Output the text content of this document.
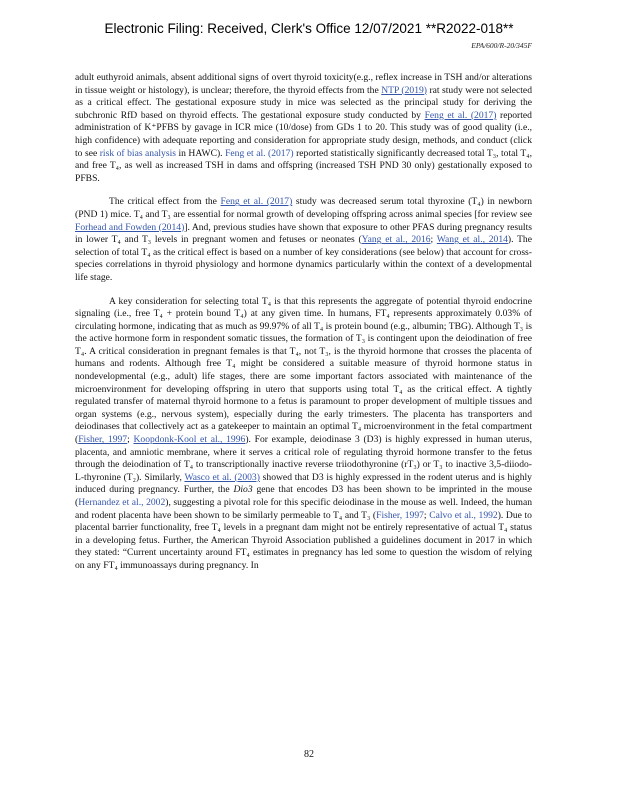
Electronic Filing: Received, Clerk's Office 12/07/2021 **R2022-018**
EPA/600/R-20/345F

adult euthyroid animals, absent additional signs of overt thyroid toxicity(e.g., reflex increase in TSH and/or alterations in tissue weight or histology), is unclear; therefore, the thyroid effects from the NTP (2019) rat study were not selected as a critical effect. The gestational exposure study in mice was selected as the principal study for deriving the subchronic RfD based on thyroid effects. The gestational exposure study conducted by Feng et al. (2017) reported administration of K⁺PFBS by gavage in ICR mice (10/dose) from GDs 1 to 20. This study was of good quality (i.e., high confidence) with adequate reporting and consideration for appropriate study design, methods, and conduct (click to see risk of bias analysis in HAWC). Feng et al. (2017) reported statistically significantly decreased total T₃, total T₄, and free T₄, as well as increased TSH in dams and offspring (increased TSH PND 30 only) gestationally exposed to PFBS.

The critical effect from the Feng et al. (2017) study was decreased serum total thyroxine (T₄) in newborn (PND 1) mice. T₄ and T₃ are essential for normal growth of developing offspring across animal species [for review see Forhead and Fowden (2014)]. And, previous studies have shown that exposure to other PFAS during pregnancy results in lower T₄ and T₃ levels in pregnant women and fetuses or neonates (Yang et al., 2016; Wang et al., 2014). The selection of total T₄ as the critical effect is based on a number of key considerations (see below) that account for cross-species correlations in thyroid physiology and hormone dynamics particularly within the context of a developmental life stage.

A key consideration for selecting total T₄ is that this represents the aggregate of potential thyroid endocrine signaling (i.e., free T₄ + protein bound T₄) at any given time. In humans, FT₄ represents approximately 0.03% of circulating hormone, indicating that as much as 99.97% of all T₄ is protein bound (e.g., albumin; TBG). Although T₃ is the active hormone form in respondent somatic tissues, the formation of T₃ is contingent upon the deiodination of free T₄. A critical consideration in pregnant females is that T₄, not T₃, is the thyroid hormone that crosses the placenta of humans and rodents. Although free T₄ might be considered a suitable measure of thyroid hormone status in nondevelopmental (e.g., adult) life stages, there are some important factors associated with maintenance of the microenvironment for developing offspring in utero that supports using total T₄ as the critical effect. A tightly regulated transfer of maternal thyroid hormone to a fetus is paramount to proper development of multiple tissues and organ systems (e.g., nervous system), especially during the early trimesters. The placenta has transporters and deiodinases that collectively act as a gatekeeper to maintain an optimal T₄ microenvironment in the fetal compartment (Fisher, 1997; Koopdonk-Kool et al., 1996). For example, deiodinase 3 (D3) is highly expressed in human uterus, placenta, and amniotic membrane, where it serves a critical role of regulating thyroid hormone transfer to the fetus through the deiodination of T₄ to transcriptionally inactive reverse triiodothyronine (rT₃) or T₃ to inactive 3,5-diiodo-L-thyronine (T₂). Similarly, Wasco et al. (2003) showed that D3 is highly expressed in the rodent uterus and is highly induced during pregnancy. Further, the Dio3 gene that encodes D3 has been shown to be imprinted in the mouse (Hernandez et al., 2002), suggesting a pivotal role for this specific deiodinase in the mouse as well. Indeed, the human and rodent placenta have been shown to be similarly permeable to T₄ and T₃ (Fisher, 1997; Calvo et al., 1992). Due to placental barrier functionality, free T₄ levels in a pregnant dam might not be entirely representative of actual T₄ status in a developing fetus. Further, the American Thyroid Association published a guidelines document in 2017 in which they stated: “Current uncertainty around FT₄ estimates in pregnancy has led some to question the wisdom of relying on any FT₄ immunoassays during pregnancy. In

82
